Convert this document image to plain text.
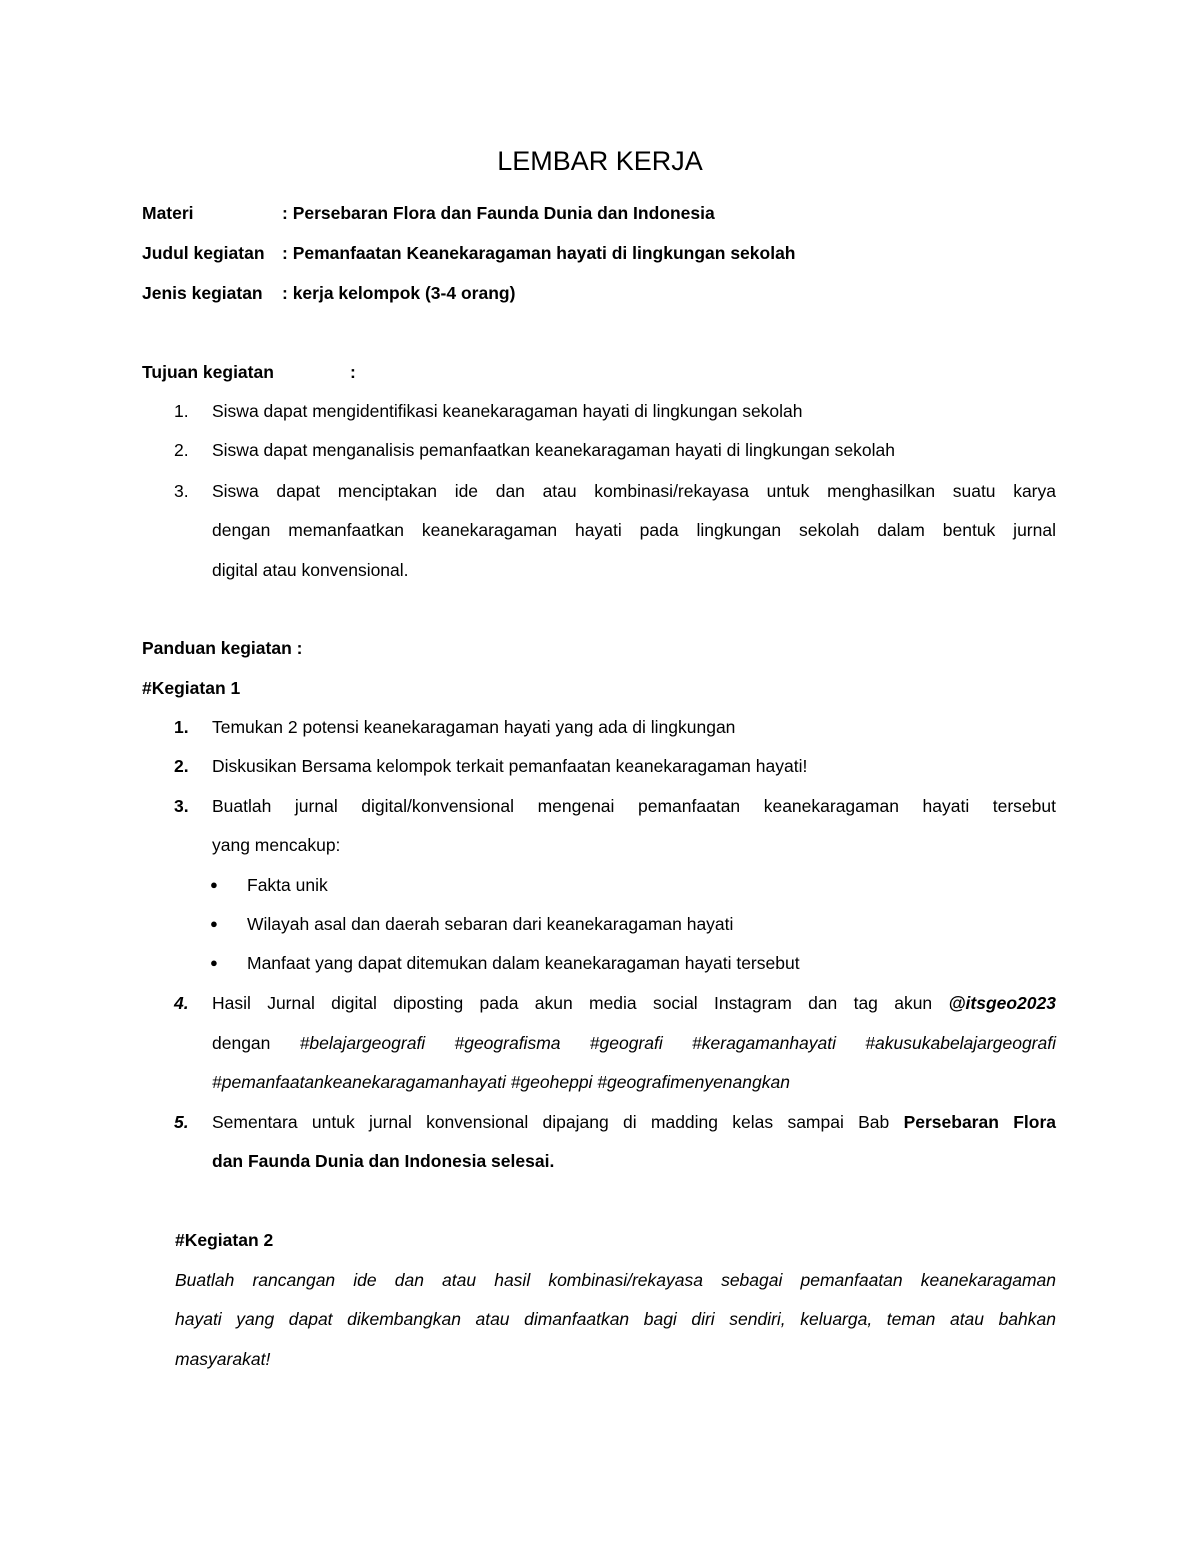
LEMBAR KERJA
Materi	: Persebaran Flora dan Faunda Dunia dan Indonesia
Judul kegiatan : Pemanfaatan Keanekaragaman hayati di lingkungan sekolah
Jenis kegiatan : kerja kelompok (3-4 orang)
Tujuan kegiatan	:
1. Siswa dapat mengidentifikasi keanekaragaman hayati di lingkungan sekolah
2. Siswa dapat menganalisis pemanfaatkan keanekaragaman hayati di lingkungan sekolah
3. Siswa dapat menciptakan ide dan atau kombinasi/rekayasa untuk menghasilkan suatu karya
dengan memanfaatkan keanekaragaman hayati pada lingkungan sekolah dalam bentuk jurnal
digital atau konvensional.
Panduan kegiatan :
#Kegiatan 1
1. Temukan 2 potensi keanekaragaman hayati yang ada di lingkungan
2. Diskusikan Bersama kelompok terkait pemanfaatan keanekaragaman hayati!
3. Buatlah jurnal digital/konvensional mengenai pemanfaatan keanekaragaman hayati tersebut
yang mencakup:
● Fakta unik
● Wilayah asal dan daerah sebaran dari keanekaragaman hayati
● Manfaat yang dapat ditemukan dalam keanekaragaman hayati tersebut
4. Hasil Jurnal digital diposting pada akun media social Instagram dan tag akun @itsgeo2023
dengan #belajargeografi #geografisma #geografi #keragamanhayati #akusukabelajargeografi
#pemanfaatankeanekaragamanhayati #geoheppi #geografimenyenangkan
5. Sementara untuk jurnal konvensional dipajang di madding kelas sampai Bab Persebaran Flora
dan Faunda Dunia dan Indonesia selesai.
#Kegiatan 2
Buatlah rancangan ide dan atau hasil kombinasi/rekayasa sebagai pemanfaatan keanekaragaman
hayati yang dapat dikembangkan atau dimanfaatkan bagi diri sendiri, keluarga, teman atau bahkan
masyarakat!
